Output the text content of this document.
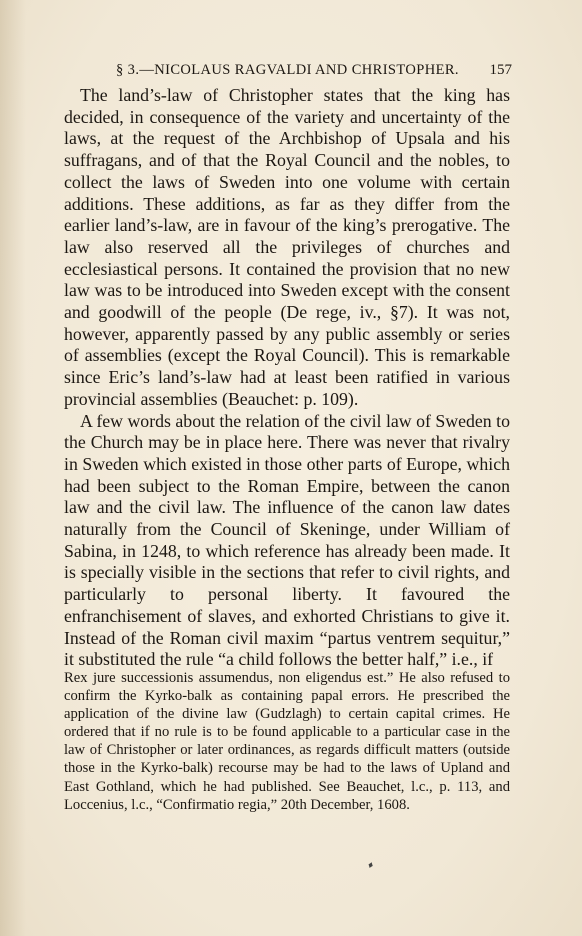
§ 3.—NICOLAUS RAGVALDI AND CHRISTOPHER. 157

The land’s-law of Christopher states that the king has decided, in consequence of the variety and uncertainty of the laws, at the request of the Archbishop of Upsala and his suffragans, and of that the Royal Council and the nobles, to collect the laws of Sweden into one volume with certain additions. These additions, as far as they differ from the earlier land’s-law, are in favour of the king’s prerogative. The law also reserved all the privileges of churches and ecclesiastical persons. It contained the provision that no new law was to be introduced into Sweden except with the consent and goodwill of the people (De rege, iv., §7). It was not, however, apparently passed by any public assembly or series of assemblies (except the Royal Council). This is remarkable since Eric’s land’s-law had at least been ratified in various provincial assemblies (Beauchet: p. 109).

A few words about the relation of the civil law of Sweden to the Church may be in place here. There was never that rivalry in Sweden which existed in those other parts of Europe, which had been subject to the Roman Empire, between the canon law and the civil law. The influence of the canon law dates naturally from the Council of Skeninge, under William of Sabina, in 1248, to which reference has already been made. It is specially visible in the sections that refer to civil rights, and particularly to personal liberty. It favoured the enfranchisement of slaves, and exhorted Christians to give it. Instead of the Roman civil maxim “partus ventrem sequitur,” it substituted the rule “a child follows the better half,” i.e., if

Rex jure successionis assumendus, non eligendus est.” He also refused to confirm the Kyrko-balk as containing papal errors. He prescribed the application of the divine law (Gudzlagh) to certain capital crimes. He ordered that if no rule is to be found applicable to a particular case in the law of Christopher or later ordinances, as regards difficult matters (outside those in the Kyrko-balk) recourse may be had to the laws of Upland and East Gothland, which he had published. See Beauchet, l.c., p. 113, and Loccenius, l.c., “Confirmatio regia,” 20th December, 1608.

♦
